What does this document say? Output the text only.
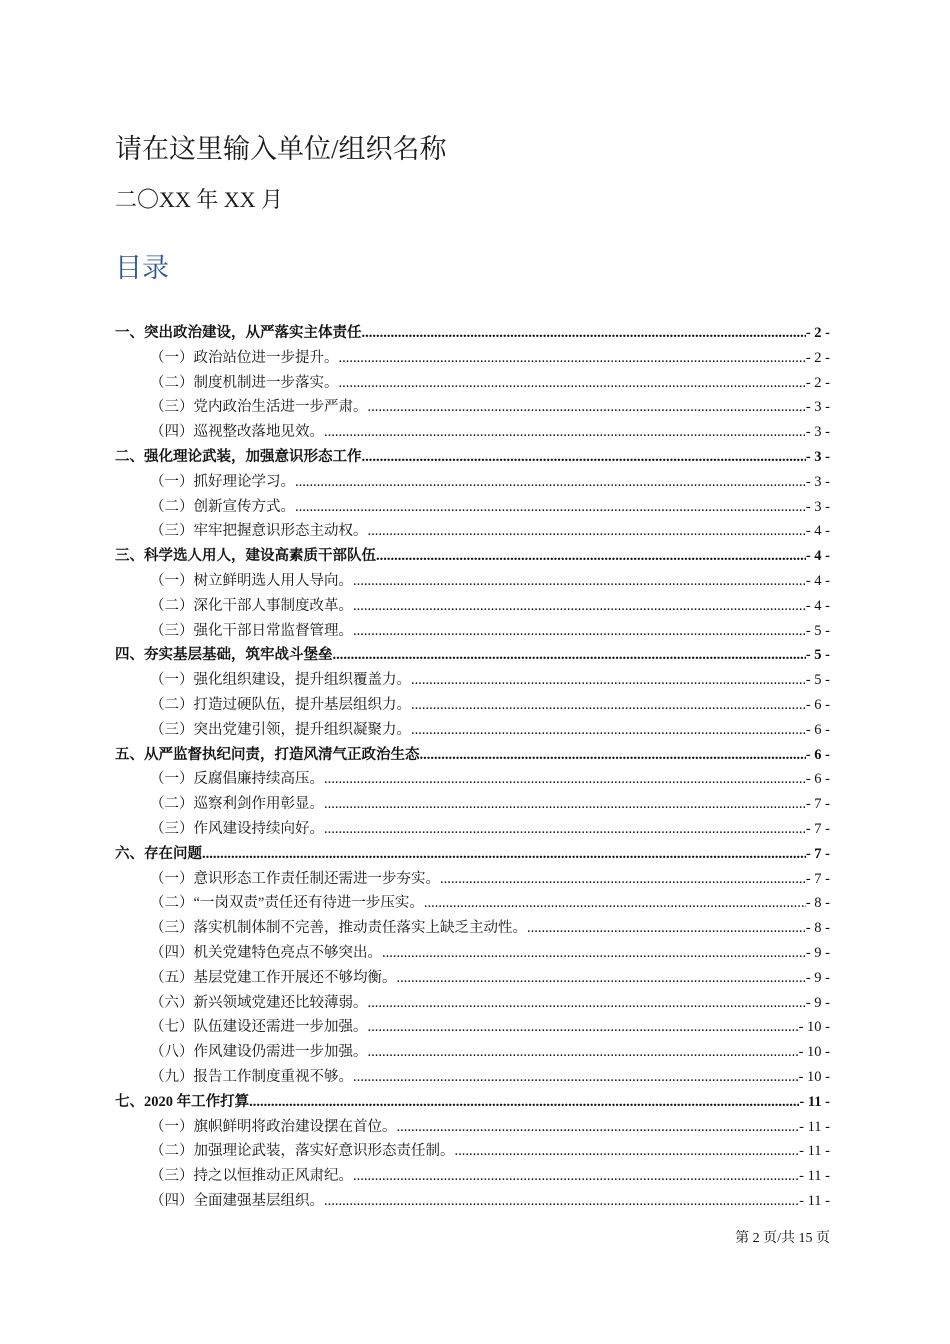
请在这里输入单位/组织名称
二〇XX 年 XX 月
目录
一、突出政治建设，从严落实主体责任 .....	- 2 -
（一）政治站位进一步提升。 .....	- 2 -
（二）制度机制进一步落实。 .....	- 2 -
（三）党内政治生活进一步严肃。 .....	- 3 -
（四）巡视整改落地见效。 .....	- 3 -
二、强化理论武装，加强意识形态工作 .....	- 3 -
（一）抓好理论学习。 .....	- 3 -
（二）创新宣传方式。 .....	- 3 -
（三）牢牢把握意识形态主动权。 .....	- 4 -
三、科学选人用人，建设高素质干部队伍 .....	- 4 -
（一）树立鲜明选人用人导向。 .....	- 4 -
（二）深化干部人事制度改革。 .....	- 4 -
（三）强化干部日常监督管理。 .....	- 5 -
四、夯实基层基础，筑牢战斗堡垒 .....	- 5 -
（一）强化组织建设，提升组织覆盖力。 .....	- 5 -
（二）打造过硬队伍，提升基层组织力。 .....	- 6 -
（三）突出党建引领，提升组织凝聚力。 .....	- 6 -
五、从严监督执纪问责，打造风清气正政治生态 .....	- 6 -
（一）反腐倡廉持续高压。 .....	- 6 -
（二）巡察利剑作用彰显。 .....	- 7 -
（三）作风建设持续向好。 .....	- 7 -
六、存在问题 .....	- 7 -
（一）意识形态工作责任制还需进一步夯实。 .....	- 7 -
（二）“一岗双责”责任还有待进一步压实。 .....	- 8 -
（三）落实机制体制不完善，推动责任落实上缺乏主动性。 .....	- 8 -
（四）机关党建特色亮点不够突出。 .....	- 9 -
（五）基层党建工作开展还不够均衡。 .....	- 9 -
（六）新兴领域党建还比较薄弱。 .....	- 9 -
（七）队伍建设还需进一步加强。 .....	- 10 -
（八）作风建设仍需进一步加强。 .....	- 10 -
（九）报告工作制度重视不够。 .....	- 10 -
七、2020 年工作打算 .....	- 11 -
（一）旗帜鲜明将政治建设摆在首位。 .....	- 11 -
（二）加强理论武装，落实好意识形态责任制。 .....	- 11 -
（三）持之以恒推动正风肃纪。 .....	- 11 -
（四）全面建强基层组织。 .....	- 11 -
第 2 页/共 15 页
